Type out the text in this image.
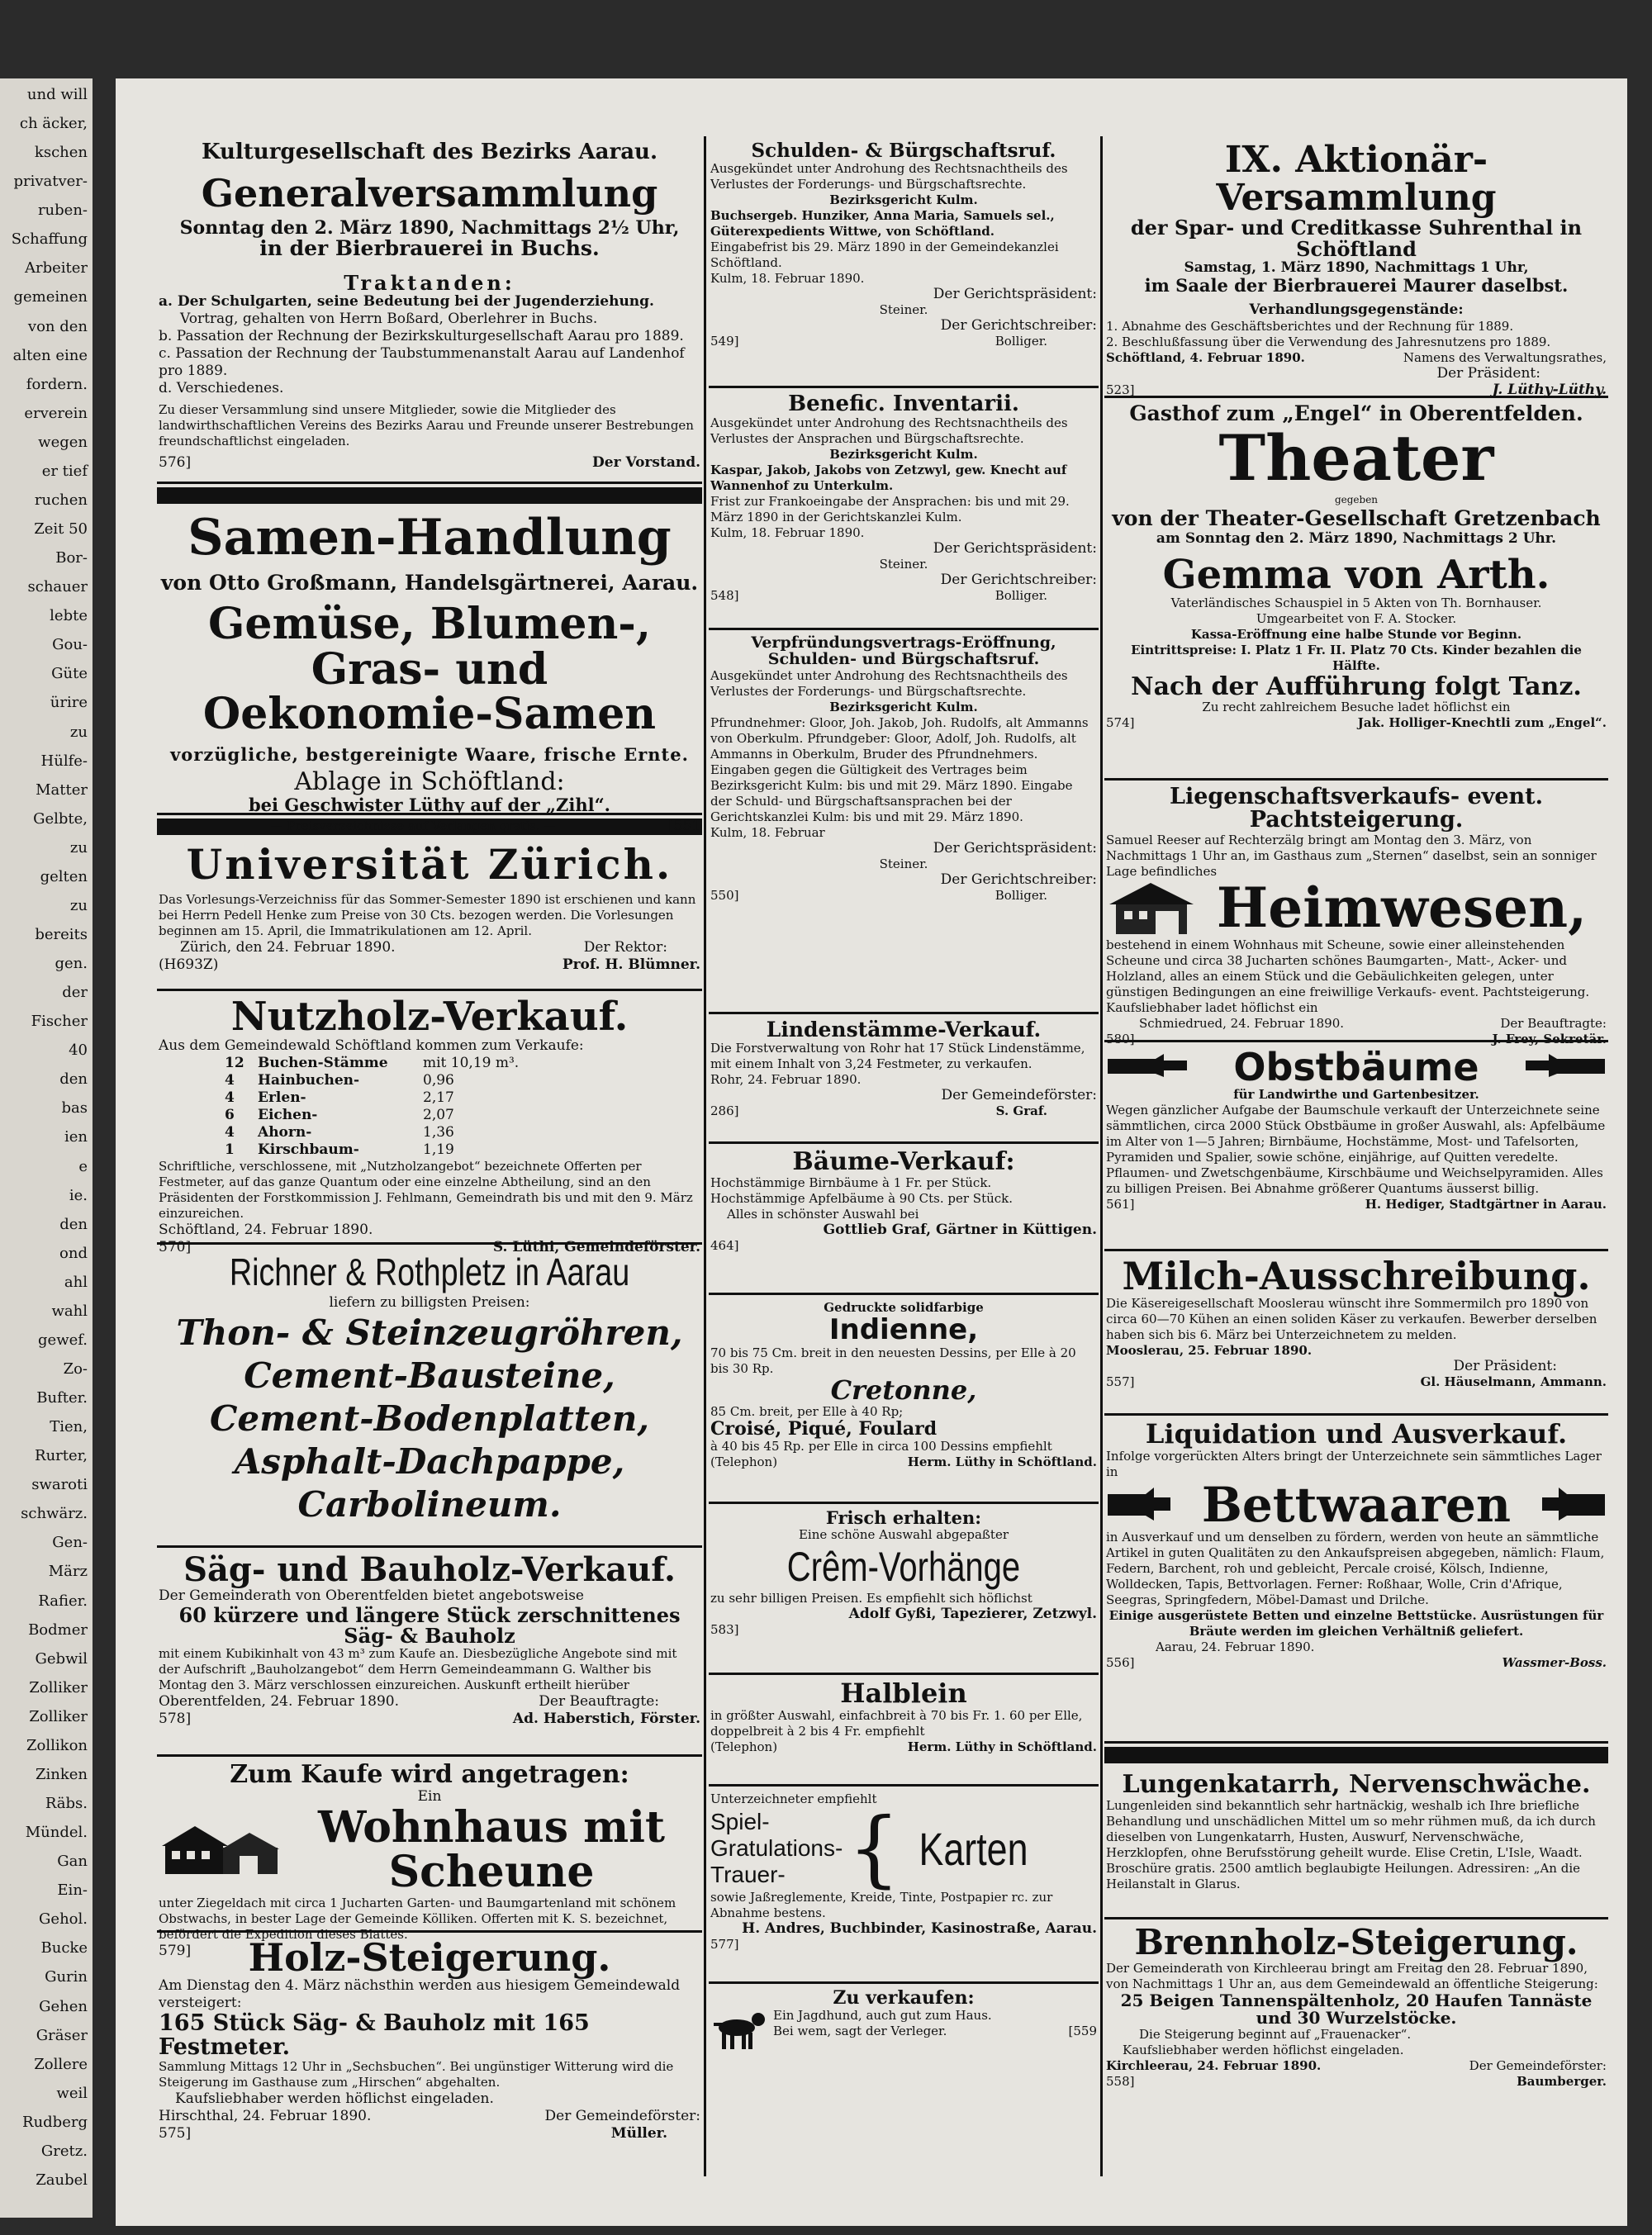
und will
ch äcker,
kschen
privatver-
ruben-
Schaffung
Arbeiter
gemeinen
von den
alten eine
fordern.
erverein
wegen
er tief
ruchen
Zeit 50
Bor-
schauer
lebte
Gou-
Güte
ürire
zu
Hülfe-
Matter
Gelbte,
zu
gelten
zu
bereits
gen.
der
Fischer
40
den
bas
ien
e
ie.
den
ond
ahl
wahl
gewef.
Zo-
Bufter.
Tien,
Rurter,
swaroti
schwärz.
Gen-
März
Rafier.
Bodmer
Gebwil
Zolliker
Zolliker
Zollikon
Zinken
Räbs.
Mündel.
Gan
Ein-
Gehol.
Bucke
Gurin
Gehen
Gräser
Zollere
weil
Rudberg
Gretz.
Zaubel
Kulturgesellschaft des Bezirks Aarau.
Generalversammlung
Sonntag den 2. März 1890, Nachmittags 2½ Uhr,
in der Bierbrauerei in Buchs.
Traktanden:
a. Der Schulgarten, seine Bedeutung bei der Jugenderziehung.
Vortrag, gehalten von Herrn Boßard, Oberlehrer in Buchs.
b. Passation der Rechnung der Bezirkskulturgesellschaft Aarau pro 1889.
c. Passation der Rechnung der Taubstummenanstalt Aarau auf Landenhof pro 1889.
d. Verschiedenes.
Zu dieser Versammlung sind unsere Mitglieder, sowie die Mitglieder des landwirthschaftlichen Vereins des Bezirks Aarau und Freunde unserer Bestrebungen freundschaftlichst eingeladen.
576]	Der Vorstand.
Samen-Handlung
von Otto Großmann, Handelsgärtnerei, Aarau.
Gemüse, Blumen-, Gras- und
Oekonomie-Samen
vorzügliche, bestgereinigte Waare, frische Ernte.
Ablage in Schöftland:
bei Geschwister Lüthy auf der „Zihl“.
— Preisverzeichnisse auf Verlangen gratis. —	[551
Universität Zürich.
Das Vorlesungs-Verzeichniss für das Sommer-Semester 1890 ist erschienen und kann bei Herrn Pedell Henke zum Preise von 30 Cts. bezogen werden. Die Vorlesungen beginnen am 15. April, die Immatrikulationen am 12. April.
Zürich, den 24. Februar 1890.	Der Rektor:
(H693Z)	Prof. H. Blümner.
Nutzholz-Verkauf.
Aus dem Gemeindewald Schöftland kommen zum Verkaufe:
12 Buchen-Stämme	mit 10,19 m³.
4	Hainbuchen-	0,96
4	Erlen-	2,17
6	Eichen-	2,07
4	Ahorn-	1,36
1	Kirschbaum-	1,19
Schriftliche, verschlossene, mit „Nutzholzangebot“ bezeichnete Offerten per Festmeter, auf das ganze Quantum oder eine einzelne Abtheilung, sind an den Präsidenten der Forstkommission J. Fehlmann, Gemeindrath bis und mit den 9. März einzureichen.
Schöftland, 24. Februar 1890.
570]	S. Lüthi, Gemeindeförster.
Richner & Rothpletz in Aarau
liefern zu billigsten Preisen:
Thon- & Steinzeugröhren,
Cement-Bausteine,
Cement-Bodenplatten,
Asphalt-Dachpappe,
Carbolineum.
Säg- und Bauholz-Verkauf.
Der Gemeinderath von Oberentfelden bietet angebotsweise
60 kürzere und längere Stück zerschnittenes Säg- & Bauholz
mit einem Kubikinhalt von 43 m³ zum Kaufe an. Diesbezügliche Angebote sind mit der Aufschrift „Bauholzangebot“ dem Herrn Gemeindeammann G. Walther bis Montag den 3. März verschlossen einzureichen. Auskunft ertheilt hierüber
Oberentfelden, 24. Februar 1890.	Der Beauftragte:
578]	Ad. Haberstich, Förster.
Zum Kaufe wird angetragen:
Ein
Wohnhaus mit Scheune
unter Ziegeldach mit circa 1 Jucharten Garten- und Baumgartenland mit schönem Obstwachs, in bester Lage der Gemeinde Kölliken. Offerten mit K. S. bezeichnet, befördert die Expedition dieses Blattes.
579]	Holz-Steigerung.
Am Dienstag den 4. März nächsthin werden aus hiesigem Gemeindewald versteigert:
165 Stück Säg- & Bauholz mit 165 Festmeter.
Sammlung Mittags 12 Uhr in „Sechsbuchen“. Bei ungünstiger Witterung wird die Steigerung im Gasthause zum „Hirschen“ abgehalten.
Kaufsliebhaber werden höflichst eingeladen.
Hirschthal, 24. Februar 1890.	Der Gemeindeförster:
575]	Müller.
Schulden- & Bürgschaftsruf.
Ausgekündet unter Androhung des Rechtsnachtheils des Verlustes der Forderungs- und Bürgschaftsrechte.
Bezirksgericht Kulm.
Buchsergeb. Hunziker, Anna Maria, Samuels sel., Güterexpedients Wittwe, von Schöftland.
Eingabefrist bis 29. März 1890 in der Gemeindekanzlei Schöftland.
Kulm, 18. Februar 1890.
Der Gerichtspräsident:
Steiner.
Der Gerichtschreiber:
549]	Bolliger.
Benefic. Inventarii.
Ausgekündet unter Androhung des Rechtsnachtheils des Verlustes der Ansprachen und Bürgschaftsrechte.
Bezirksgericht Kulm.
Kaspar, Jakob, Jakobs von Zetzwyl, gew. Knecht auf Wannenhof zu Unterkulm.
Frist zur Frankoeingabe der Ansprachen: bis und mit 29. März 1890 in der Gerichtskanzlei Kulm.
Kulm, 18. Februar 1890.
Der Gerichtspräsident:
Steiner.
Der Gerichtschreiber:
548]	Bolliger.
Verpfründungsvertrags-Eröffnung, Schulden- und Bürgschaftsruf.
Ausgekündet unter Androhung des Rechtsnachtheils des Verlustes der Forderungs- und Bürgschaftsrechte.
Bezirksgericht Kulm.
Pfrundnehmer: Gloor, Joh. Jakob, Joh. Rudolfs, alt Ammanns von Oberkulm. Pfrundgeber: Gloor, Adolf, Joh. Rudolfs, alt Ammanns in Oberkulm, Bruder des Pfrundnehmers. Eingaben gegen die Gültigkeit des Vertrages beim Bezirksgericht Kulm: bis und mit 29. März 1890. Eingabe der Schuld- und Bürgschaftsansprachen bei der Gerichtskanzlei Kulm: bis und mit 29. März 1890.
Kulm, 18. Februar
Der Gerichtspräsident:
Steiner.
Der Gerichtschreiber:
550]	Bolliger.
Lindenstämme-Verkauf.
Die Forstverwaltung von Rohr hat 17 Stück Lindenstämme, mit einem Inhalt von 3,24 Festmeter, zu verkaufen.
Rohr, 24. Februar 1890.
Der Gemeindeförster:
286]	S. Graf.
Bäume-Verkauf:
Hochstämmige Birnbäume à 1 Fr. per Stück.
Hochstämmige Apfelbäume à 90 Cts. per Stück.
Alles in schönster Auswahl bei
Gottlieb Graf, Gärtner in Küttigen.
464]
Gedruckte solidfarbige
Indienne,
70 bis 75 Cm. breit in den neuesten Dessins, per Elle à 20 bis 30 Rp.
Cretonne,
85 Cm. breit, per Elle à 40 Rp;
Croisé, Piqué, Foulard
à 40 bis 45 Rp. per Elle in circa 100 Dessins empfiehlt
(Telephon)	Herm. Lüthy in Schöftland.
Frisch erhalten:
Eine schöne Auswahl abgepaßter
Crêm-Vorhänge
zu sehr billigen Preisen. Es empfiehlt sich höflichst
Adolf Gyßi, Tapezierer, Zetzwyl.
583]
Halblein
in größter Auswahl, einfachbreit à 70 bis Fr. 1. 60 per Elle, doppelbreit à 2 bis 4 Fr. empfiehlt
(Telephon)	Herm. Lüthy in Schöftland.
Unterzeichneter empfiehlt
Spiel-
Gratulations-
Trauer- { Karten
sowie Jaßreglemente, Kreide, Tinte, Postpapier rc. zur Abnahme bestens.
H. Andres, Buchbinder, Kasinostraße, Aarau.
577]
Zu verkaufen:
Ein Jagdhund, auch gut zum Haus.
Bei wem, sagt der Verleger.	[559
IX. Aktionär-Versammlung
der Spar- und Creditkasse Suhrenthal in Schöftland
Samstag, 1. März 1890, Nachmittags 1 Uhr,
im Saale der Bierbrauerei Maurer daselbst.
Verhandlungsgegenstände:
1. Abnahme des Geschäftsberichtes und der Rechnung für 1889.
2. Beschlußfassung über die Verwendung des Jahresnutzens pro 1889.
Schöftland, 4. Februar 1890.	Namens des Verwaltungsrathes,
Der Präsident:
523]	J. Lüthy-Lüthy.
Gasthof zum „Engel“ in Oberentfelden.
Theater
gegeben
von der Theater-Gesellschaft Gretzenbach
am Sonntag den 2. März 1890, Nachmittags 2 Uhr.
Gemma von Arth.
Vaterländisches Schauspiel in 5 Akten von Th. Bornhauser.
Umgearbeitet von F. A. Stocker.
Kassa-Eröffnung eine halbe Stunde vor Beginn.
Eintrittspreise: I. Platz 1 Fr. II. Platz 70 Cts. Kinder bezahlen die Hälfte.
Nach der Aufführung folgt Tanz.
Zu recht zahlreichem Besuche ladet höflichst ein
574]	Jak. Holliger-Knechtli zum „Engel“.
Liegenschaftsverkaufs- event. Pachtsteigerung.
Samuel Reeser auf Rechterzälg bringt am Montag den 3. März, von Nachmittags 1 Uhr an, im Gasthaus zum „Sternen“ daselbst, sein an sonniger Lage befindliches
Heimwesen,
bestehend in einem Wohnhaus mit Scheune, sowie einer alleinstehenden Scheune und circa 38 Jucharten schönes Baumgarten-, Matt-, Acker- und Holzland, alles an einem Stück und die Gebäulichkeiten gelegen, unter günstigen Bedingungen an eine freiwillige Verkaufs- event. Pachtsteigerung. Kaufsliebhaber ladet höflichst ein
Schmiedrued, 24. Februar 1890.	Der Beauftragte:
580]	J. Frey, Sekretär.
Obstbäume
für Landwirthe und Gartenbesitzer.
Wegen gänzlicher Aufgabe der Baumschule verkauft der Unterzeichnete seine sämmtlichen, circa 2000 Stück Obstbäume in großer Auswahl, als: Apfelbäume im Alter von 1—5 Jahren; Birnbäume, Hochstämme, Most- und Tafelsorten, Pyramiden und Spalier, sowie schöne, einjährige, auf Quitten veredelte. Pflaumen- und Zwetschgenbäume, Kirschbäume und Weichselpyramiden. Alles zu billigen Preisen. Bei Abnahme größerer Quantums äusserst billig.
561]	H. Hediger, Stadtgärtner in Aarau.
Milch-Ausschreibung.
Die Käsereigesellschaft Mooslerau wünscht ihre Sommermilch pro 1890 von circa 60—70 Kühen an einen soliden Käser zu verkaufen. Bewerber derselben haben sich bis 6. März bei Unterzeichnetem zu melden.
Mooslerau, 25. Februar 1890.
Der Präsident:
557]	Gl. Häuselmann, Ammann.
Liquidation und Ausverkauf.
Infolge vorgerückten Alters bringt der Unterzeichnete sein sämmtliches Lager in
Bettwaaren
in Ausverkauf und um denselben zu fördern, werden von heute an sämmtliche Artikel in guten Qualitäten zu den Ankaufspreisen abgegeben, nämlich: Flaum, Federn, Barchent, roh und gebleicht, Percale croisé, Kölsch, Indienne, Wolldecken, Tapis, Bettvorlagen. Ferner: Roßhaar, Wolle, Crin d'Afrique, Seegras, Springfedern, Möbel-Damast und Drilche.
Einige ausgerüstete Betten und einzelne Bettstücke. Ausrüstungen für Bräute werden im gleichen Verhältniß geliefert.
Aarau, 24. Februar 1890.
556]	Wassmer-Boss.
Lungenkatarrh, Nervenschwäche.
Lungenleiden sind bekanntlich sehr hartnäckig, weshalb ich Ihre briefliche Behandlung und unschädlichen Mittel um so mehr rühmen muß, da ich durch dieselben von Lungenkatarrh, Husten, Auswurf, Nervenschwäche, Herzklopfen, ohne Berufsstörung geheilt wurde. Elise Cretin, L'Isle, Waadt. Broschüre gratis. 2500 amtlich beglaubigte Heilungen. Adressiren: „An die Heilanstalt in Glarus.
Brennholz-Steigerung.
Der Gemeinderath von Kirchleerau bringt am Freitag den 28. Februar 1890, von Nachmittags 1 Uhr an, aus dem Gemeindewald an öffentliche Steigerung:
25 Beigen Tannenspältenholz, 20 Haufen Tannäste und 30 Wurzelstöcke.
Die Steigerung beginnt auf „Frauenacker“.
Kaufsliebhaber werden höflichst eingeladen.
Kirchleerau, 24. Februar 1890.	Der Gemeindeförster:
558]	Baumberger.
